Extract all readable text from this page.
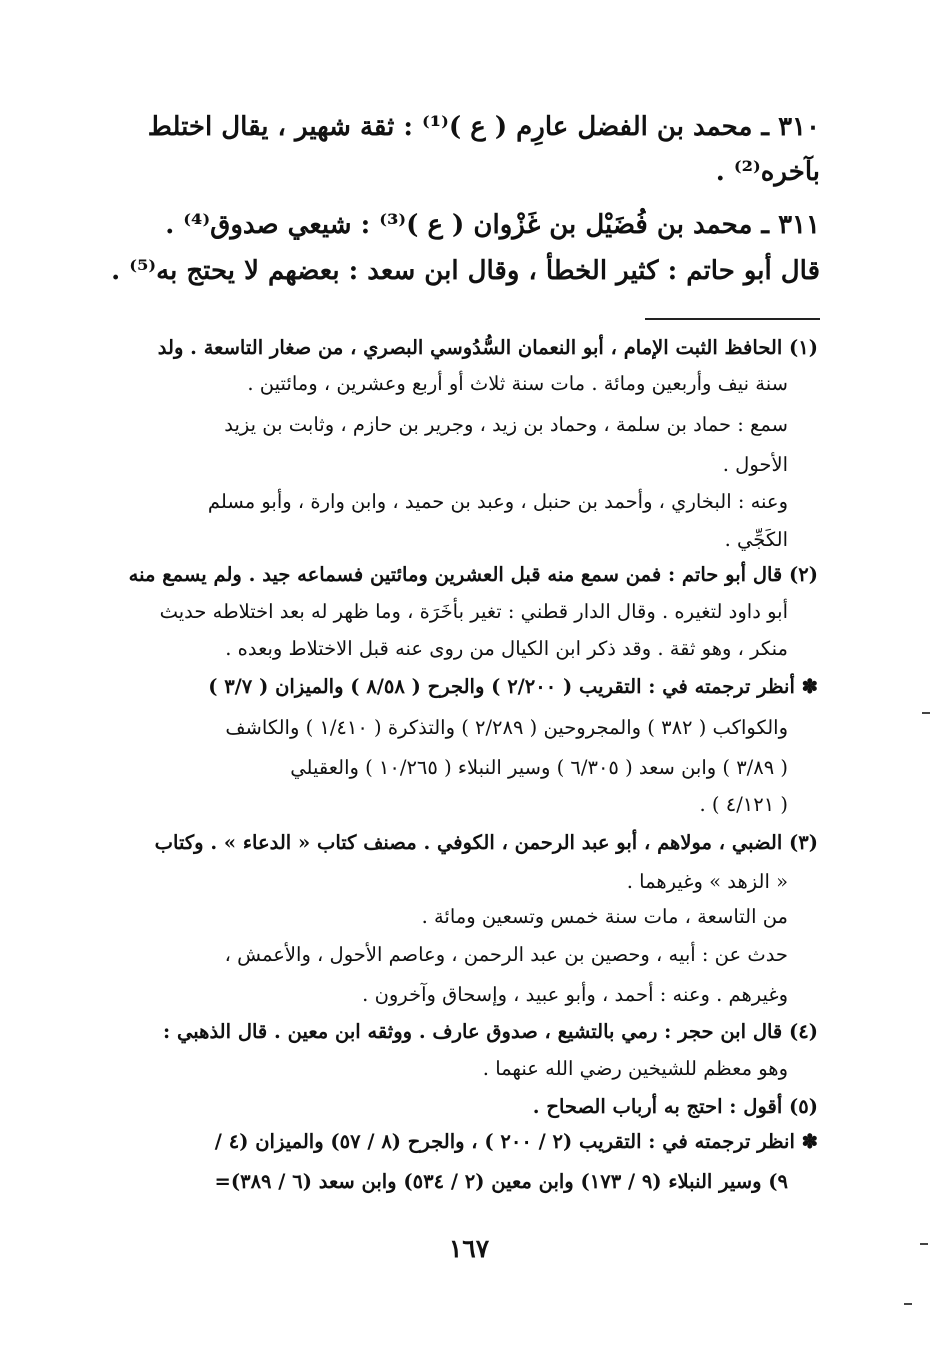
٣١٠ ـ محمد بن الفضل عارِم ( ع )⁽¹⁾ : ثقة شهير ، يقال اختلط
بآخره⁽²⁾ .
٣١١ ـ محمد بن فُضَيْل بن غَزْوان ( ع )⁽³⁾ : شيعي صدوق⁽⁴⁾ .
قال أبو حاتم : كثير الخطأ ، وقال ابن سعد : بعضهم لا يحتج به⁽⁵⁾ .
(١) الحافظ الثبت الإمام ، أبو النعمان السُّدُوسي البصري ، من صغار التاسعة . ولد
سنة نيف وأربعين ومائة . مات سنة ثلاث أو أربع وعشرين ، ومائتين .
سمع : حماد بن سلمة ، وحماد بن زيد ، وجرير بن حازم ، وثابت بن يزيد
الأحول .
وعنه : البخاري ، وأحمد بن حنبل ، وعبد بن حميد ، وابن وارة ، وأبو مسلم
الكَجِّي .
(٢) قال أبو حاتم : فمن سمع منه قبل العشرين ومائتين فسماعه جيد . ولم يسمع منه
أبو داود لتغيره . وقال الدار قطني : تغير بأخَرَة ، وما ظهر له بعد اختلاطه حديث
منكر ، وهو ثقة . وقد ذكر ابن الكيال من روى عنه قبل الاختلاط وبعده .
✽ أنظر ترجمته في : التقريب ( ٢/٢٠٠ ) والجرح ( ٨/٥٨ ) والميزان ( ٣/٧ )
والكواكب ( ٣٨٢ ) والمجروحين ( ٢/٢٨٩ ) والتذكرة ( ١/٤١٠ ) والكاشف
( ٣/٨٩ ) وابن سعد ( ٦/٣٠٥ ) وسير النبلاء ( ١٠/٢٦٥ ) والعقيلي
( ٤/١٢١ ) .
(٣) الضبي ، مولاهم ، أبو عبد الرحمن ، الكوفي . مصنف كتاب « الدعاء » . وكتاب
« الزهد » وغيرهما .
من التاسعة ، مات سنة خمس وتسعين ومائة .
حدث عن : أبيه ، وحصين بن عبد الرحمن ، وعاصم الأحول ، والأعمش ،
وغيرهم . وعنه : أحمد ، وأبو عبيد ، وإسحاق وآخرون .
(٤) قال ابن حجر : رمي بالتشيع ، صدوق عارف . ووثقه ابن معين . قال الذهبي :
وهو معظم للشيخين رضي الله عنهما .
(٥) أقول : احتج به أرباب الصحاح .
✽ انظر ترجمته في : التقريب (٢ / ٢٠٠ ) ، والجرح (٨ / ٥٧) والميزان (٤ /
٩) وسير النبلاء (٩ / ١٧٣) وابن معين (٢ / ٥٣٤) وابن سعد (٦ / ٣٨٩)=
١٦٧
